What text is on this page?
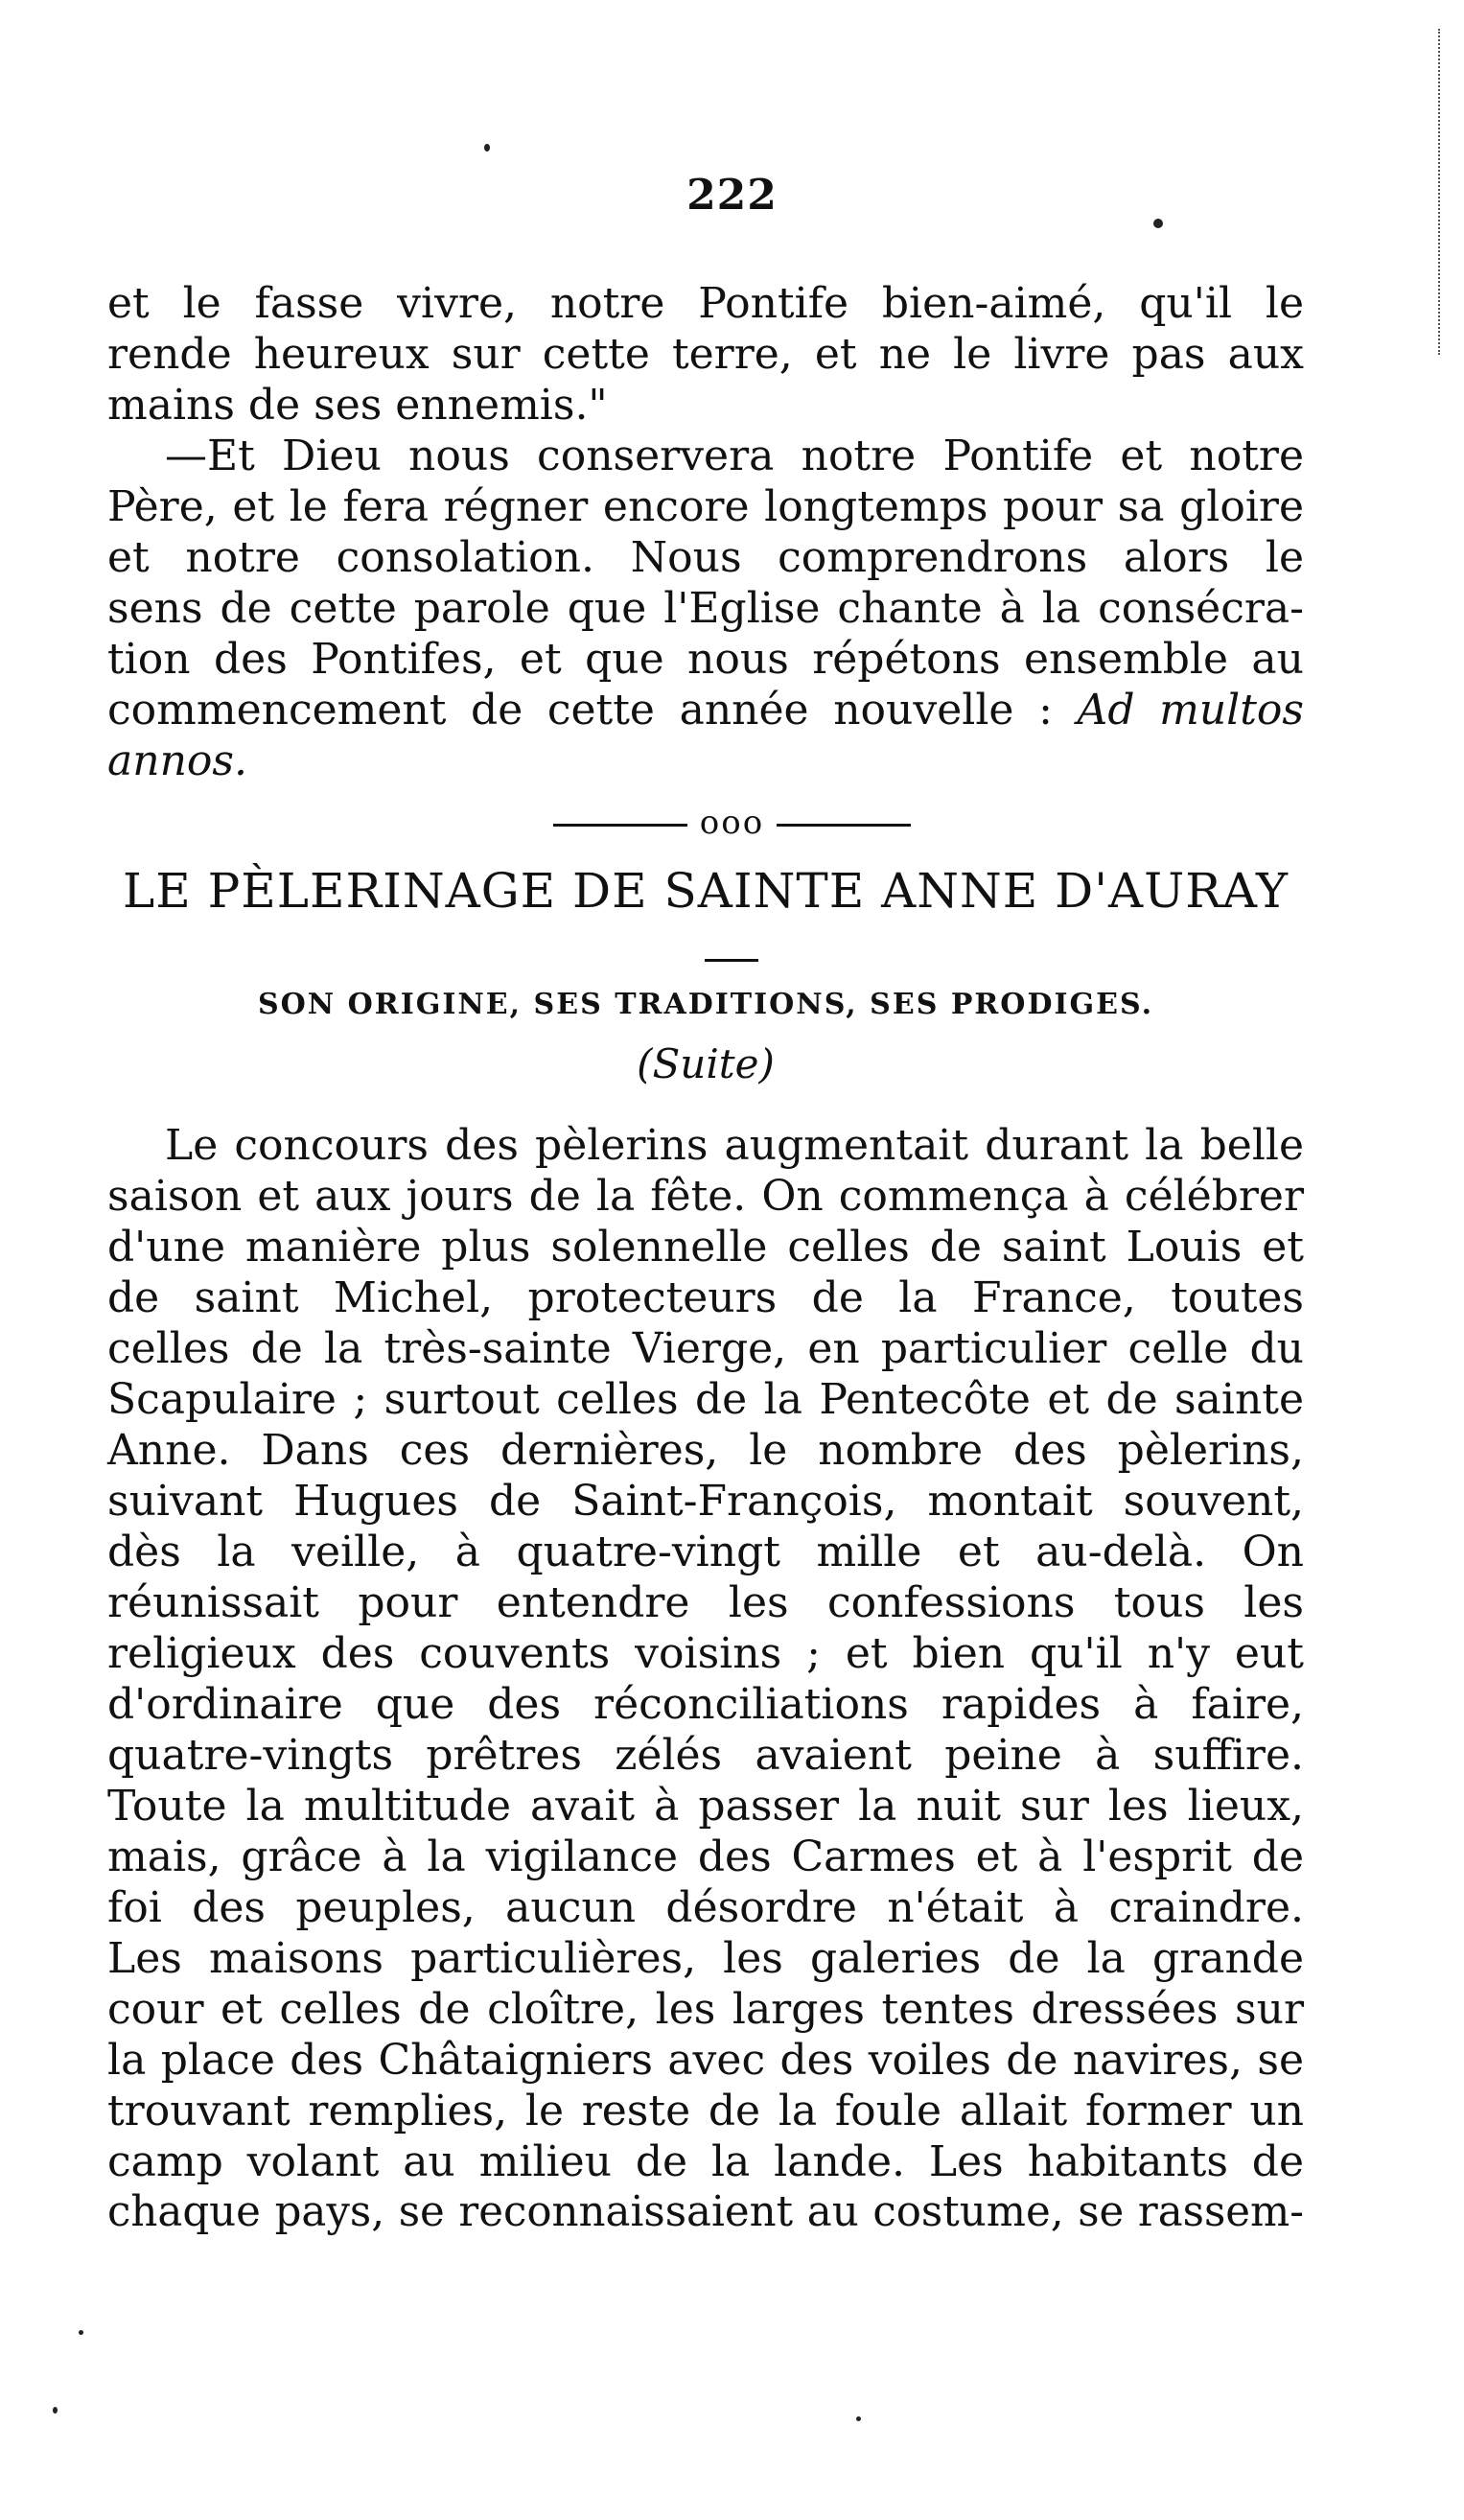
222
et le fasse vivre, notre Pontife bien-aimé, qu'il le
rende heureux sur cette terre, et ne le livre pas aux
mains de ses ennemis."
—Et Dieu nous conservera notre Pontife et notre
Père, et le fera régner encore longtemps pour sa gloire
et notre consolation. Nous comprendrons alors le
sens de cette parole que l'Eglise chante à la consécra-
tion des Pontifes, et que nous répétons ensemble au
commencement de cette année nouvelle : Ad multos
annos.
ooo
LE PÈLERINAGE DE SAINTE ANNE D'AURAY
SON ORIGINE, SES TRADITIONS, SES PRODIGES.
(Suite)
Le concours des pèlerins augmentait durant la belle
saison et aux jours de la fête. On commença à célébrer
d'une manière plus solennelle celles de saint Louis et
de saint Michel, protecteurs de la France, toutes
celles de la très-sainte Vierge, en particulier celle du
Scapulaire ; surtout celles de la Pentecôte et de sainte
Anne. Dans ces dernières, le nombre des pèlerins,
suivant Hugues de Saint-François, montait souvent,
dès la veille, à quatre-vingt mille et au-delà. On
réunissait pour entendre les confessions tous les
religieux des couvents voisins ; et bien qu'il n'y eut
d'ordinaire que des réconciliations rapides à faire,
quatre-vingts prêtres zélés avaient peine à suffire.
Toute la multitude avait à passer la nuit sur les lieux,
mais, grâce à la vigilance des Carmes et à l'esprit de
foi des peuples, aucun désordre n'était à craindre.
Les maisons particulières, les galeries de la grande
cour et celles de cloître, les larges tentes dressées sur
la place des Châtaigniers avec des voiles de navires, se
trouvant remplies, le reste de la foule allait former un
camp volant au milieu de la lande. Les habitants de
chaque pays, se reconnaissaient au costume, se rassem-
